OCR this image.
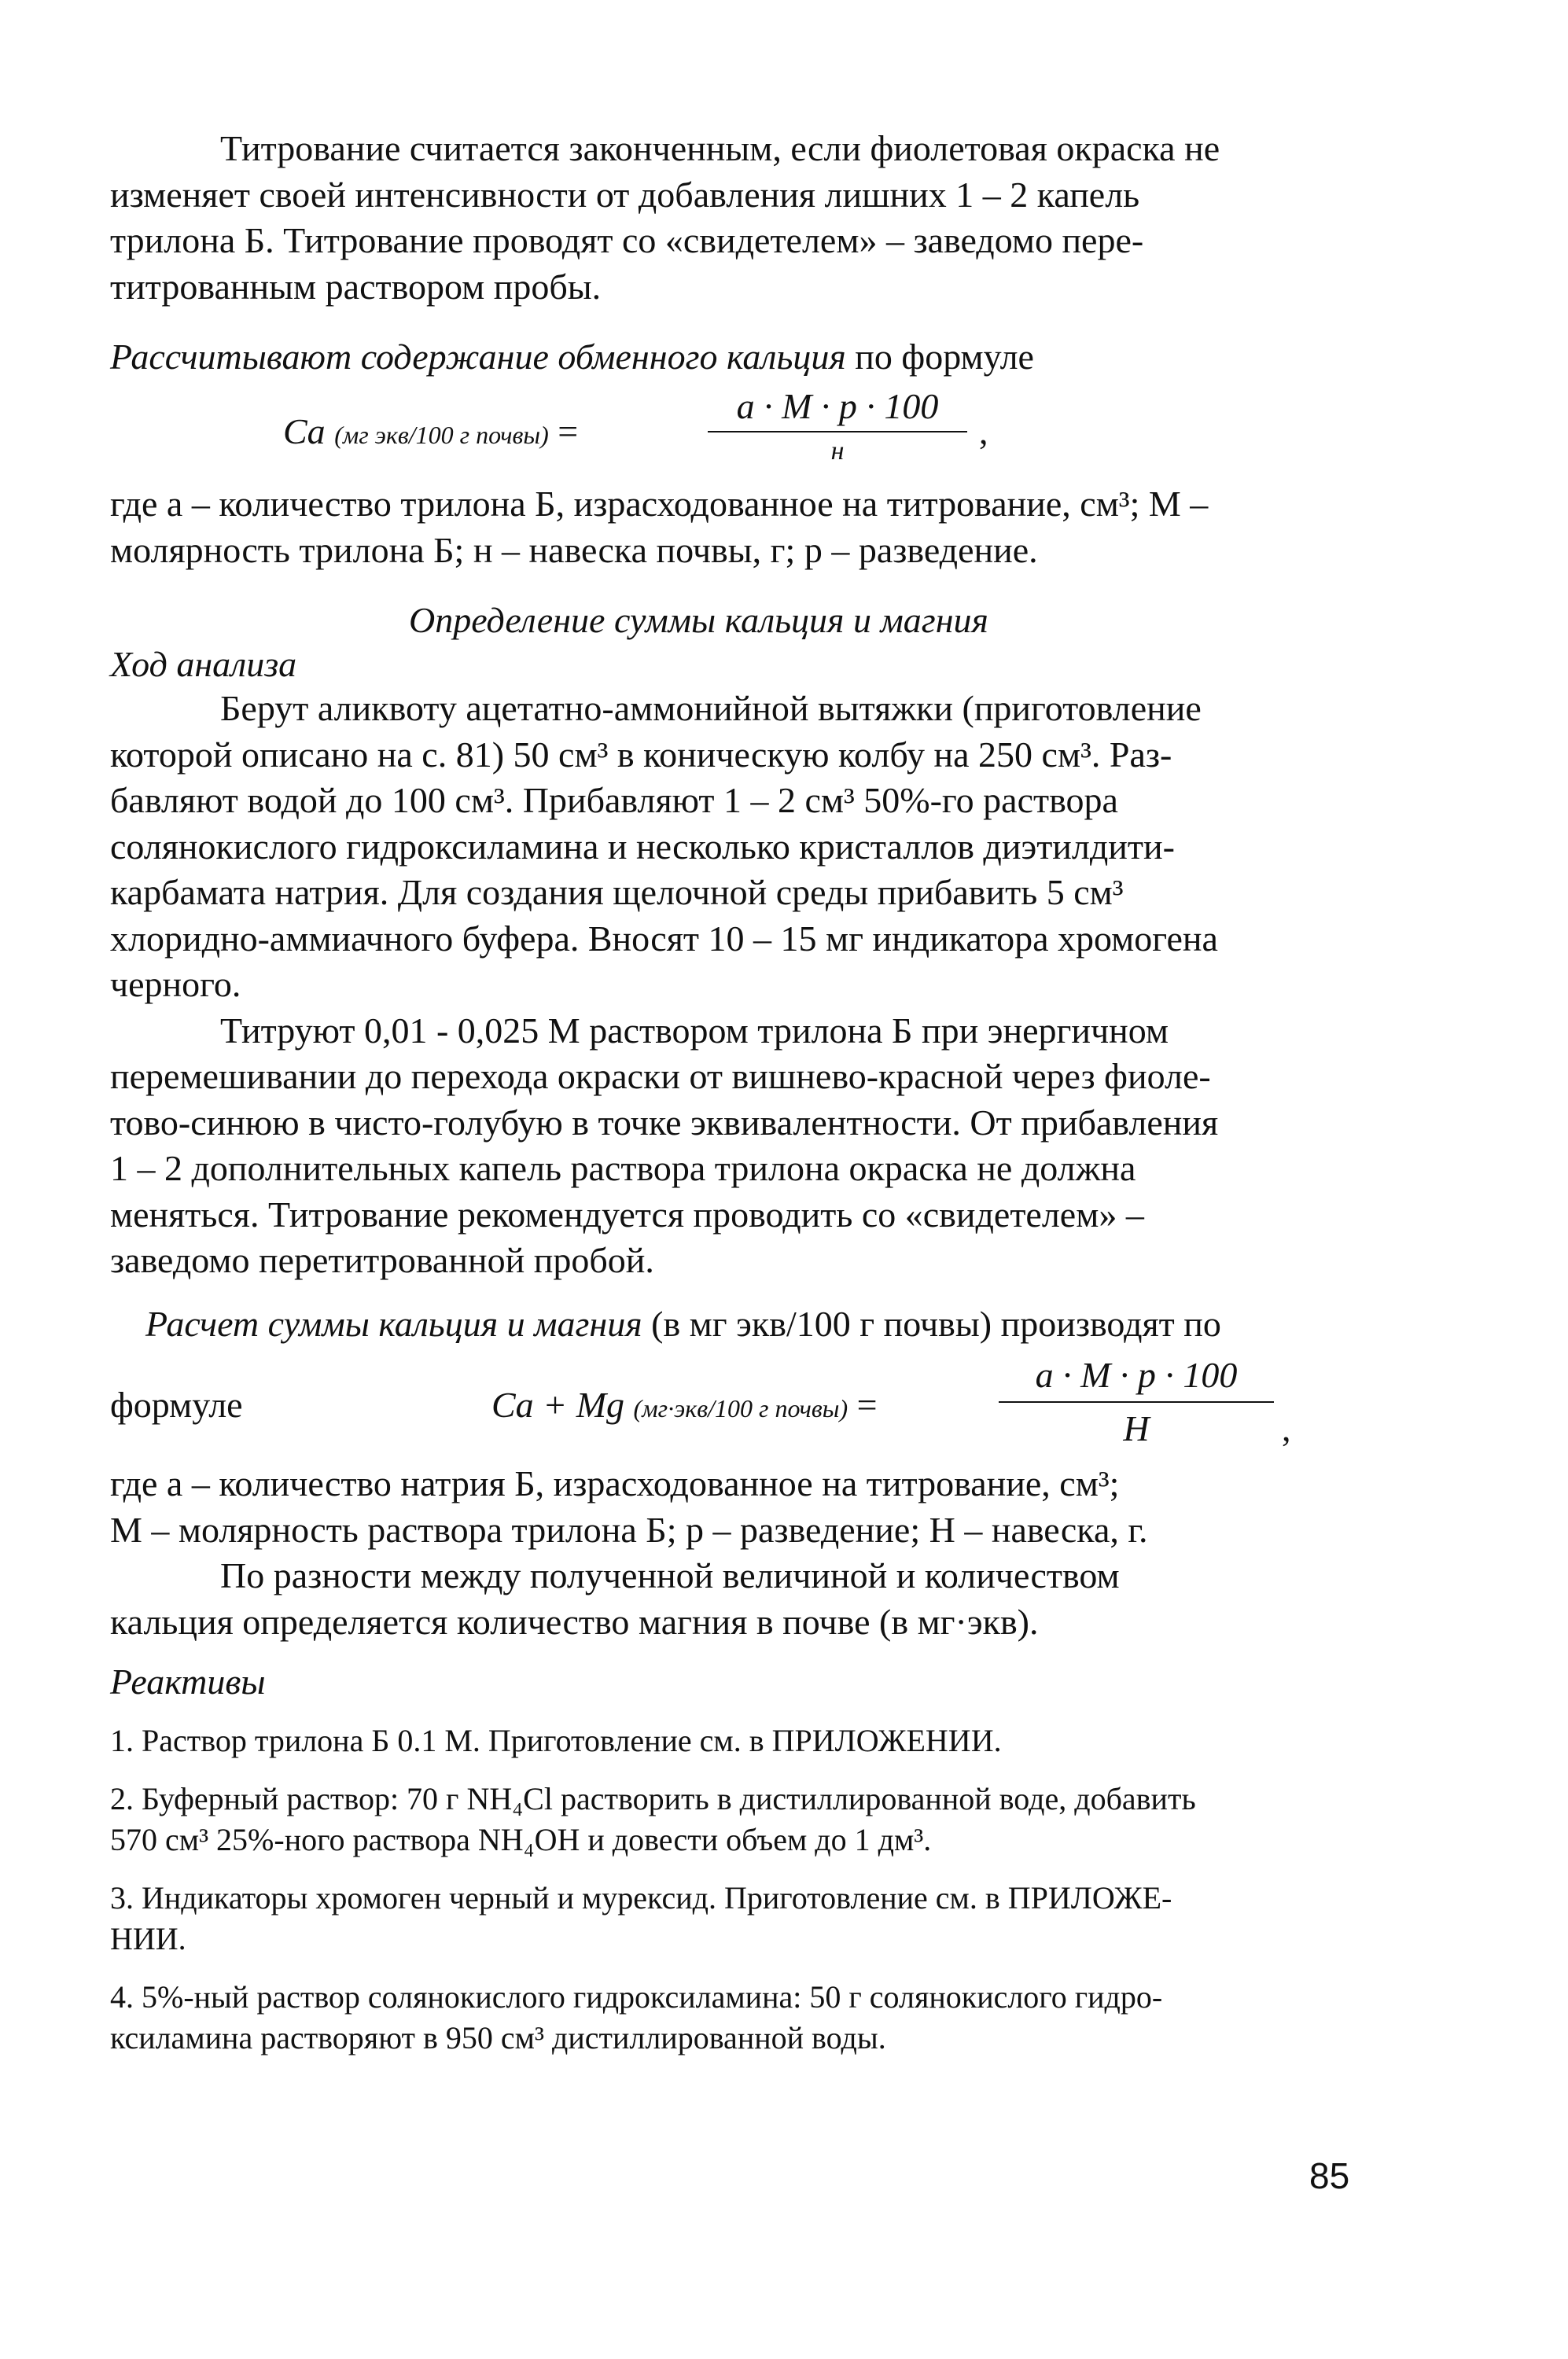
Титрование считается законченным, если фиолетовая окраска не

изменяет своей интенсивности от добавления лишних 1 – 2 капель

трилона Б. Титрование проводят со «свидетелем» – заведомо пере-

титрованным раствором пробы.

Рассчитывают содержание обменного кальция по формуле

Ca (мг экв/100 г почвы) =
a · M · p · 100
н	,

где a – количество трилона Б, израсходованное на титрование, см³; M –

молярность трилона Б; н – навеска почвы, г; p – разведение.

Определение суммы кальция и магния
Ход анализа

Берут аликвоту ацетатно-аммонийной вытяжки (приготовление

которой описано на с. 81) 50 см³ в коническую колбу на 250 см³. Раз-

бавляют водой до 100 см³. Прибавляют 1 – 2 см³ 50%-го раствора

солянокислого гидроксиламина и несколько кристаллов диэтилдити-

карбамата натрия. Для создания щелочной среды прибавить 5 см³

хлоридно-аммиачного буфера. Вносят 10 – 15 мг индикатора хромогена

черного.

Титруют 0,01 - 0,025 М раствором трилона Б при энергичном

перемешивании до перехода окраски от вишнево-красной через фиоле-

тово-синюю в чисто-голубую в точке эквивалентности. От прибавления

1 – 2 дополнительных капель раствора трилона окраска не должна

меняться. Титрование рекомендуется проводить со «свидетелем» –

заведомо перетитрованной пробой.

Расчет суммы кальция и магния (в мг экв/100 г почвы) производят по

формуле	Ca + Mg (мг·экв/100 г почвы) =
a · M · p · 100
H	,

где a – количество натрия Б, израсходованное на титрование, см³;

M – молярность раствора трилона Б; p – разведение; H – навеска, г.

По разности между полученной величиной и количеством

кальция определяется количество магния в почве (в мг·экв).

Реактивы

1. Раствор трилона Б 0.1 М. Приготовление см. в ПРИЛОЖЕНИИ.

2. Буферный раствор: 70 г NH₄Cl растворить в дистиллированной воде, добавить

570 см³ 25%-ного раствора NH₄OH и довести объем до 1 дм³.

3. Индикаторы хромоген черный и мурексид. Приготовление см. в ПРИЛОЖЕ-

НИИ.

4. 5%-ный раствор солянокислого гидроксиламина: 50 г солянокислого гидро-

ксиламина растворяют в 950 см³ дистиллированной воды.

85
